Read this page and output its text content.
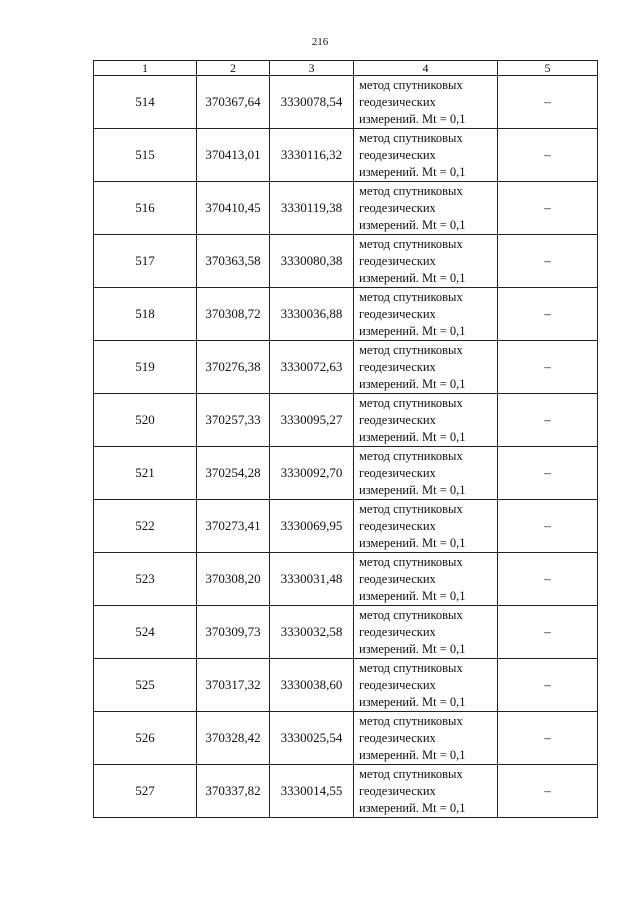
216
1	2	3	4	5
514	370367,64	3330078,54	метод спутниковых
геодезических
измерений. Mt = 0,1	–
515	370413,01	3330116,32	метод спутниковых
геодезических
измерений. Mt = 0,1	–
516	370410,45	3330119,38	метод спутниковых
геодезических
измерений. Mt = 0,1	–
517	370363,58	3330080,38	метод спутниковых
геодезических
измерений. Mt = 0,1	–
518	370308,72	3330036,88	метод спутниковых
геодезических
измерений. Mt = 0,1	–
519	370276,38	3330072,63	метод спутниковых
геодезических
измерений. Mt = 0,1	–
520	370257,33	3330095,27	метод спутниковых
геодезических
измерений. Mt = 0,1	–
521	370254,28	3330092,70	метод спутниковых
геодезических
измерений. Mt = 0,1	–
522	370273,41	3330069,95	метод спутниковых
геодезических
измерений. Mt = 0,1	–
523	370308,20	3330031,48	метод спутниковых
геодезических
измерений. Mt = 0,1	–
524	370309,73	3330032,58	метод спутниковых
геодезических
измерений. Mt = 0,1	–
525	370317,32	3330038,60	метод спутниковых
геодезических
измерений. Mt = 0,1	–
526	370328,42	3330025,54	метод спутниковых
геодезических
измерений. Mt = 0,1	–
527	370337,82	3330014,55	метод спутниковых
геодезических
измерений. Mt = 0,1	–
